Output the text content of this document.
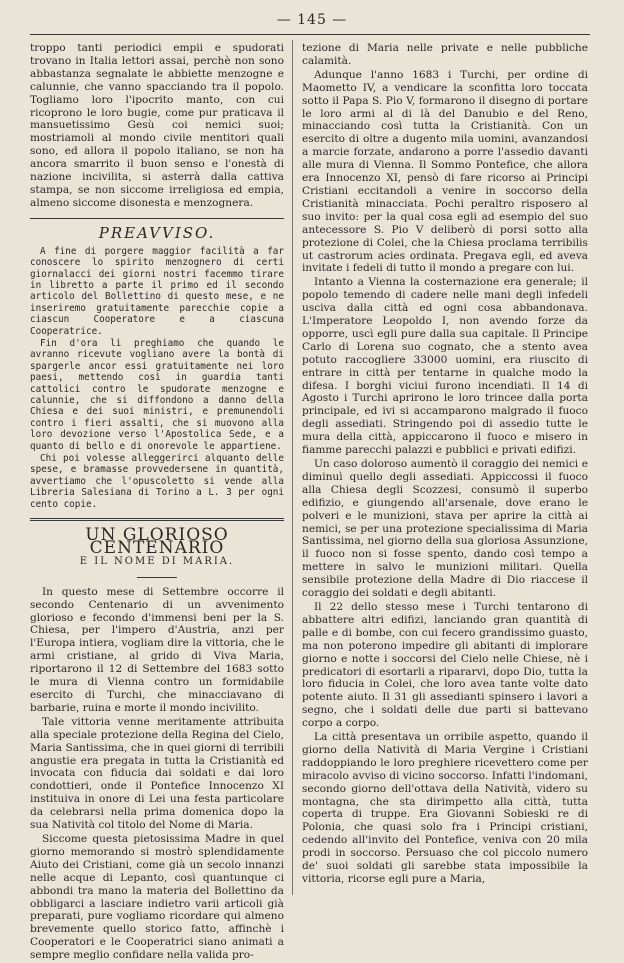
— 145 —

troppo tanti periodici empii e spudorati trovano in Italia lettori assai, perchè non sono abbastanza segnalate le abbiette menzogne e calunnie, che vanno spacciando tra il popolo. Togliamo loro l'ipocrito manto, con cui ricoprono le loro bugie, come pur praticava il mansuetissimo Gesù coi nemici suoi; mostriamoli al mondo civile mentitori quali sono, ed allora il popolo italiano, se non ha ancora smarrito il buon senso e l'onestà di nazione incivilita, si asterrà dalla cattiva stampa, se non siccome irreligiosa ed empia, almeno siccome disonesta e menzognera.

PREAVVISO.

A fine di porgere maggior facilità a far conoscere lo spirito menzognero di certi giornalacci dei giorni nostri facemmo tirare in libretto a parte il primo ed il secondo articolo del Bollettino di questo mese, e ne inseriremo gratuitamente parecchie copie a ciascun Cooperatore e a ciascuna Cooperatrice.

Fin d'ora li preghiamo che quando le avranno ricevute vogliano avere la bontà di spargerle ancor essi gratuitamente nei loro paesi, mettendo così in guardia tanti cattolici contro le spudorate menzogne e calunnie, che si diffondono a danno della Chiesa e dei suoi ministri, e premunendoli contro i fieri assalti, che si muovono alla loro devozione verso l'Apostolica Sede, e a quanto di bello e di onorevole le appartiene.

Chi poi volesse alleggerirci alquanto delle spese, e bramasse provvedersene in quantità, avvertiamo che l'opuscoletto si vende alla Libreria Salesiana di Torino a L. 3 per ogni cento copie.

UN GLORIOSO CENTENARIO
E IL NOME DI MARIA.

In questo mese di Settembre occorre il secondo Centenario di un avvenimento glorioso e fecondo d'immensi beni per la S. Chiesa, per l'impero d'Austria, anzi per l'Europa intiera, vogliam dire la vittoria, che le armi cristiane, al grido di Viva Maria, riportarono il 12 di Settembre del 1683 sotto le mura di Vienna contro un formidabile esercito di Turchi, che minacciavano di barbarie, ruina e morte il mondo incivilito.

Tale vittoria venne meritamente attribuita alla speciale protezione della Regina del Cielo, Maria Santissima, che in quei giorni di terribili angustie era pregata in tutta la Cristianità ed invocata con fiducia dai soldati e dai loro condottieri, onde il Pontefice Innocenzo XI instituiva in onore di Lei una festa particolare da celebrarsi nella prima domenica dopo la sua Natività col titolo del Nome di Maria.

Siccome questa pietosissima Madre in quel giorno memorando si mostrò splendidamente Aiuto dei Cristiani, come già un secolo innanzi nelle acque di Lepanto, così quantunque ci abbondi tra mano la materia del Bollettino da obbligarci a lasciare indietro varii articoli già preparati, pure vogliamo ricordare qui almeno brevemente quello storico fatto, affinchè i Cooperatori e le Cooperatrici siano animati a sempre meglio confidare nella valida pro-

tezione di Maria nelle private e nelle pubbliche calamità.

Adunque l'anno 1683 i Turchi, per ordine di Maometto IV, a vendicare la sconfitta loro toccata sotto il Papa S. Pio V, formarono il disegno di portare le loro armi al di là del Danubio e del Reno, minacciando così tutta la Cristianità. Con un esercito di oltre a dugento mila uomini, avanzandosi a marcie forzate, andarono a porre l'assedio davanti alle mura di Vienna. Il Sommo Pontefice, che allora era Innocenzo XI, pensò di fare ricorso ai Principi Cristiani eccitandoli a venire in soccorso della Cristianità minacciata. Pochi peraltro risposero al suo invito: per la qual cosa egli ad esempio del suo antecessore S. Pio V deliberò di porsi sotto alla protezione di Colei, che la Chiesa proclama terribilis ut castrorum acies ordinata. Pregava egli, ed aveva invitate i fedeli di tutto il mondo a pregare con lui.

Intanto a Vienna la costernazione era generale; il popolo temendo di cadere nelle mani degli infedeli usciva dalla città ed ogni cosa abbandonava. L'Imperatore Leopoldo I, non avendo forze da opporre, uscì egli pure dalla sua capitale. Il Principe Carlo di Lorena suo cognato, che a stento avea potuto raccogliere 33000 uomini, era riuscito di entrare in città per tentarne in qualche modo la difesa. I borghi viciui furono incendiati. Il 14 di Agosto i Turchi aprirono le loro trincee dalla porta principale, ed ivi si accamparono malgrado il fuoco degli assediati. Stringendo poi di assedio tutte le mura della città, appiccarono il fuoco e misero in fiamme parecchi palazzi e pubblici e privati edifizi.

Un caso doloroso aumentò il coraggio dei nemici e diminuì quello degli assediati. Appiccossi il fuoco alla Chiesa degli Scozzesi, consumò il superbo edifizio, e giungendo all'arsenale, dove erano le polveri e le munizioni, stava per aprire la città ai nemici, se per una protezione specialissima di Maria Santissima, nel giorno della sua gloriosa Assunzione, il fuoco non si fosse spento, dando così tempo a mettere in salvo le munizioni militari. Quella sensibile protezione della Madre di Dio riaccese il coraggio dei soldati e degli abitanti.

Il 22 dello stesso mese i Turchi tentarono di abbattere altri edifizi, lanciando gran quantità di palle e di bombe, con cui fecero grandissimo guasto, ma non poterono impedire gli abitanti di implorare giorno e notte i soccorsi del Cielo nelle Chiese, nè i predicatori di esortarli a ripararvi, dopo Dio, tutta la loro fiducia in Colei, che loro avea tante volte dato potente aiuto. Il 31 gli assedianti spinsero i lavori a segno, che i soldati delle due parti si battevano corpo a corpo.

La città presentava un orribile aspetto, quando il giorno della Natività di Maria Vergine i Cristiani raddoppiando le loro preghiere ricevettero come per miracolo avviso di vicino soccorso. Infatti l'indomani, secondo giorno dell'ottava della Natività, videro su montagna, che sta dirimpetto alla città, tutta coperta di truppe. Era Giovanni Sobieski re di Polonia, che quasi solo fra i Principi cristiani, cedendo all'invito del Pontefice, veniva con 20 mila prodi in soccorso. Persuaso che col piccolo numero de' suoi soldati gli sarebbe stata impossibile la vittoria, ricorse egli pure a Maria,
